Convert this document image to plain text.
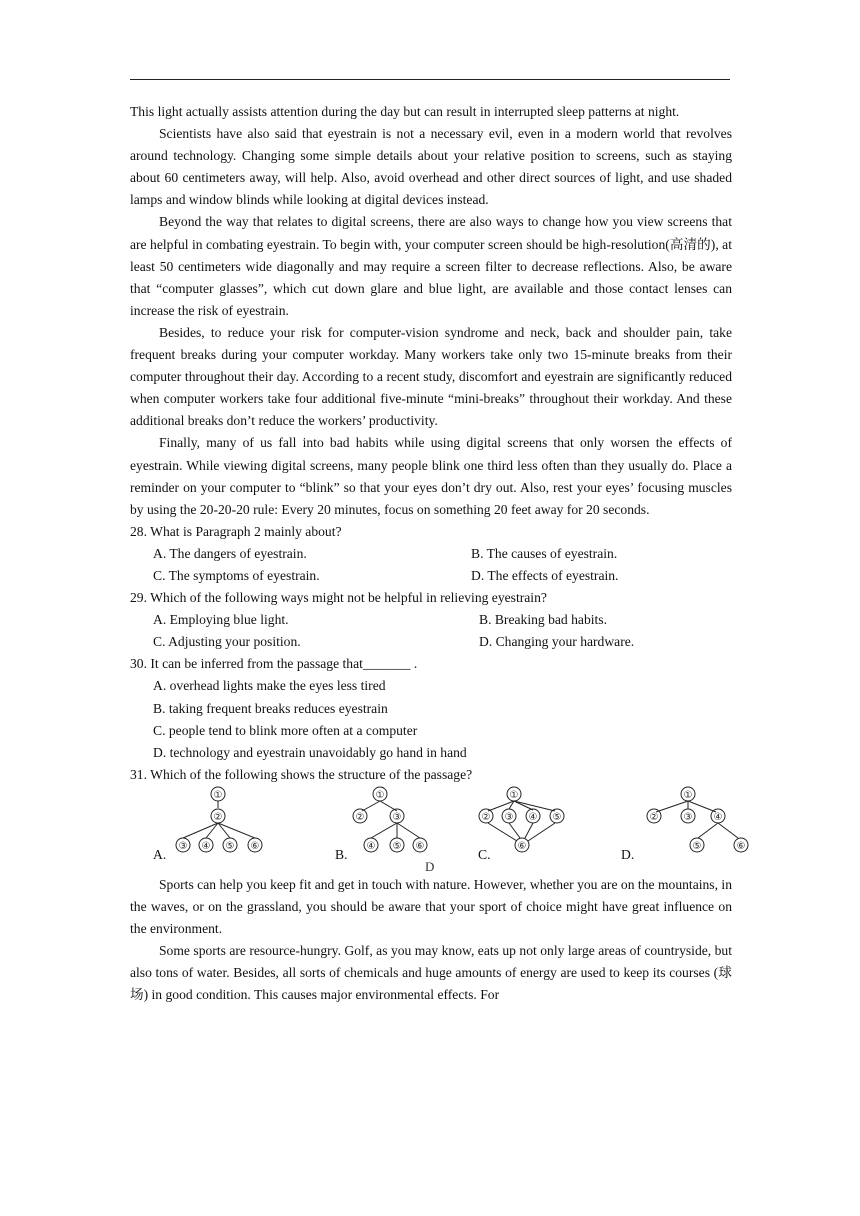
This light actually assists attention during the day but can result in interrupted sleep patterns at night.

Scientists have also said that eyestrain is not a necessary evil, even in a modern world that revolves around technology. Changing some simple details about your relative position to screens, such as staying about 60 centimeters away, will help. Also, avoid overhead and other direct sources of light, and use shaded lamps and window blinds while looking at digital devices instead.

Beyond the way that relates to digital screens, there are also ways to change how you view screens that are helpful in combating eyestrain. To begin with, your computer screen should be high-resolution(高清的), at least 50 centimeters wide diagonally and may require a screen filter to decrease reflections. Also, be aware that “computer glasses”, which cut down glare and blue light, are available and those contact lenses can increase the risk of eyestrain.

Besides, to reduce your risk for computer-vision syndrome and neck, back and shoulder pain, take frequent breaks during your computer workday. Many workers take only two 15-minute breaks from their computer throughout their day. According to a recent study, discomfort and eyestrain are significantly reduced when computer workers take four additional five-minute “mini-breaks” throughout their workday. And these additional breaks don’t reduce the workers’ productivity.

Finally, many of us fall into bad habits while using digital screens that only worsen the effects of eyestrain. While viewing digital screens, many people blink one third less often than they usually do. Place a reminder on your computer to “blink” so that your eyes don’t dry out. Also, rest your eyes’ focusing muscles by using the 20-20-20 rule: Every 20 minutes, focus on something 20 feet away for 20 seconds.

28. What is Paragraph 2 mainly about?

A. The dangers of eyestrain.	B. The causes of eyestrain.
C. The symptoms of eyestrain.	D. The effects of eyestrain.

29. Which of the following ways might not be helpful in relieving eyestrain?

A. Employing blue light.	B. Breaking bad habits.
C. Adjusting your position.	D. Changing your hardware.

30. It can be inferred from the passage that_______ .

A. overhead lights make the eyes less tired
B. taking frequent breaks reduces eyestrain
C. people tend to blink more often at a computer
D. technology and eyestrain unavoidably go hand in hand

31. Which of the following shows the structure of the passage?

D
A.
①
②
③ ④ ⑤ ⑥
B.
①
②	③
④ ⑤ ⑥
C.
①
② ③ ④ ⑤
⑥
D.
①
②	③ ④
⑤	⑥

Sports can help you keep fit and get in touch with nature. However, whether you are on the mountains, in the waves, or on the grassland, you should be aware that your sport of choice might have great influence on the environment.

Some sports are resource-hungry. Golf, as you may know, eats up not only large areas of countryside, but also tons of water. Besides, all sorts of chemicals and huge amounts of energy are used to keep its courses (球场) in good condition. This causes major environmental effects. For
